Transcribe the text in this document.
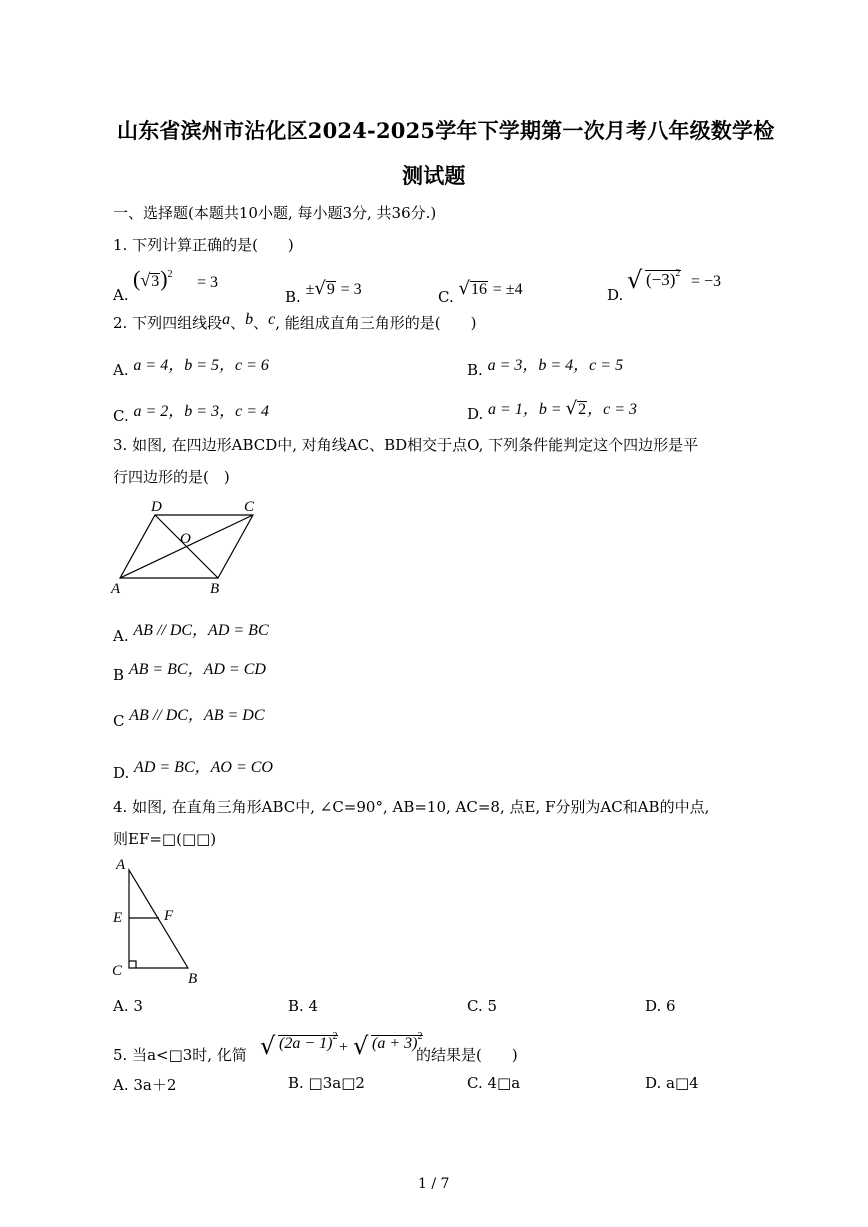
山东省滨州市沾化区2024-2025学年下学期第一次月考八年级数学检
测试题
一、选择题(本题共10小题, 每小题3分, 共36分.)
1. 下列计算正确的是(　　)
A.
$(√3)^2 = 3$
B. ±√9 = 3	C. √16 = ±4	D.
√ $(-3)^2 = -3$
2. 下列四组线段a、b、c, 能组成直角三角形的是(　　)
A. a = 4，b = 5，c = 6	B. a = 3，b = 4，c = 5
C. a = 2，b = 3，c = 4	D. a = 1，b = √2，c = 3
3. 如图, 在四边形ABCD中, 对角线AC、BD相交于点O, 下列条件能判定这个四边形是平
行四边形的是(　)
D	C
O
A	B
A. AB // DC，AD = BC
B AB = BC，AD = CD
C AB // DC，AB = DC
D. AD = BC，AO = CO
4. 如图, 在直角三角形ABC中, ∠C=90°, AB=10, AC=8, 点E, F分别为AC和AB的中点,
则EF=□(□□)
A
E	F
C	B
A. 3	B. 4	C. 5	D. 6
5. 当a<□3时, 化简 √ $(2a - 1)^2$
+ √ $(a + 3)^2$
的结果是(　　)
A. 3a＋2	B. □3a□2	C. 4□a	D. a□4
1 / 7
